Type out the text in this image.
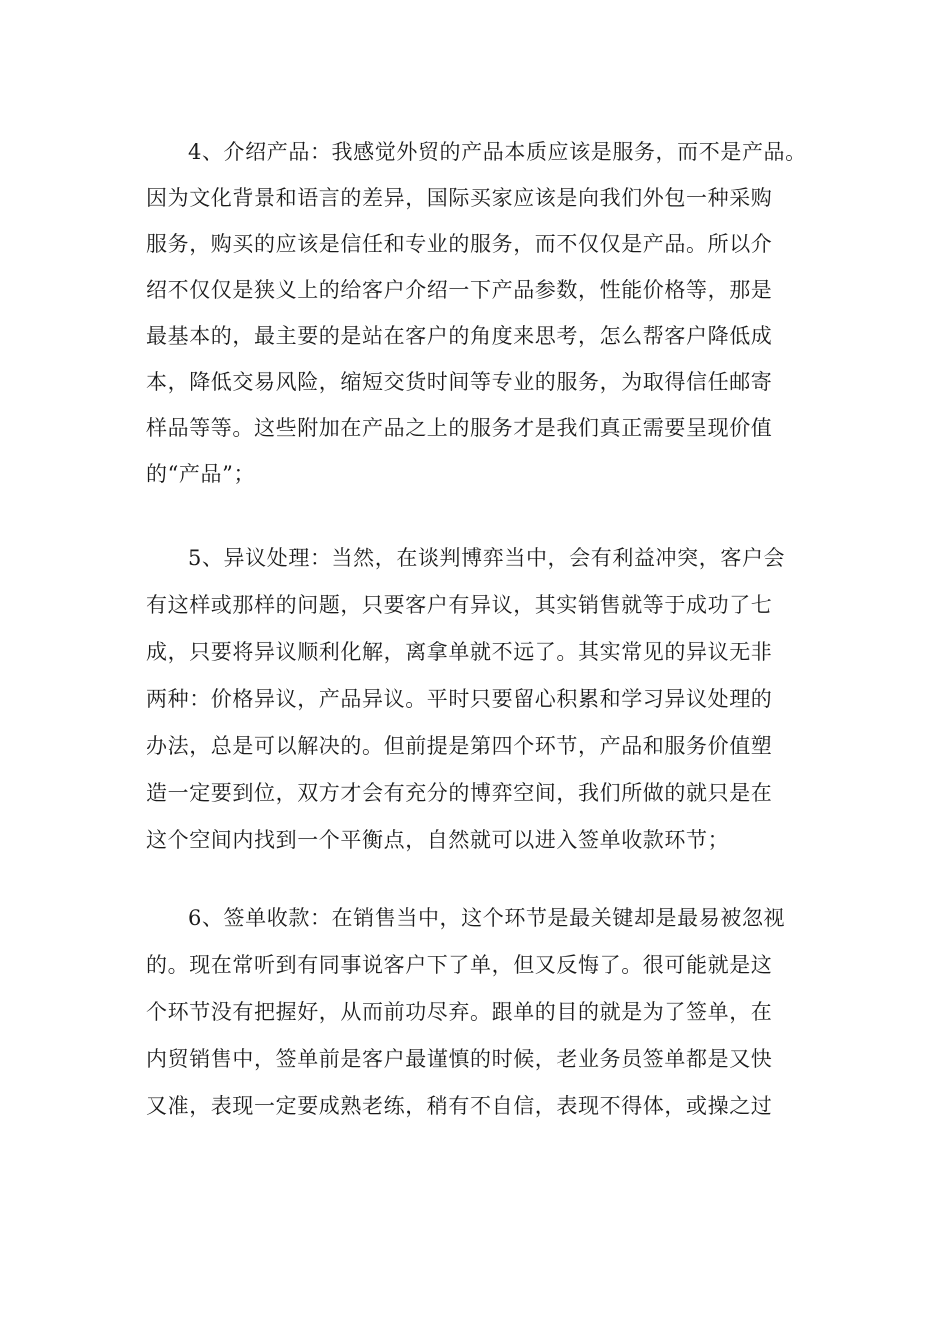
4、介绍产品：我感觉外贸的产品本质应该是服务，而不是产品。
因为文化背景和语言的差异，国际买家应该是向我们外包一种采购
服务，购买的应该是信任和专业的服务，而不仅仅是产品。所以介
绍不仅仅是狭义上的给客户介绍一下产品参数，性能价格等，那是
最基本的，最主要的是站在客户的角度来思考，怎么帮客户降低成
本，降低交易风险，缩短交货时间等专业的服务，为取得信任邮寄
样品等等。这些附加在产品之上的服务才是我们真正需要呈现价值
的“产品”；
5、异议处理：当然，在谈判博弈当中，会有利益冲突，客户会
有这样或那样的问题，只要客户有异议，其实销售就等于成功了七
成，只要将异议顺利化解，离拿单就不远了。其实常见的异议无非
两种：价格异议，产品异议。平时只要留心积累和学习异议处理的
办法，总是可以解决的。但前提是第四个环节，产品和服务价值塑
造一定要到位，双方才会有充分的博弈空间，我们所做的就只是在
这个空间内找到一个平衡点，自然就可以进入签单收款环节；
6、签单收款：在销售当中，这个环节是最关键却是最易被忽视
的。现在常听到有同事说客户下了单，但又反悔了。很可能就是这
个环节没有把握好，从而前功尽弃。跟单的目的就是为了签单，在
内贸销售中，签单前是客户最谨慎的时候，老业务员签单都是又快
又准，表现一定要成熟老练，稍有不自信，表现不得体，或操之过
